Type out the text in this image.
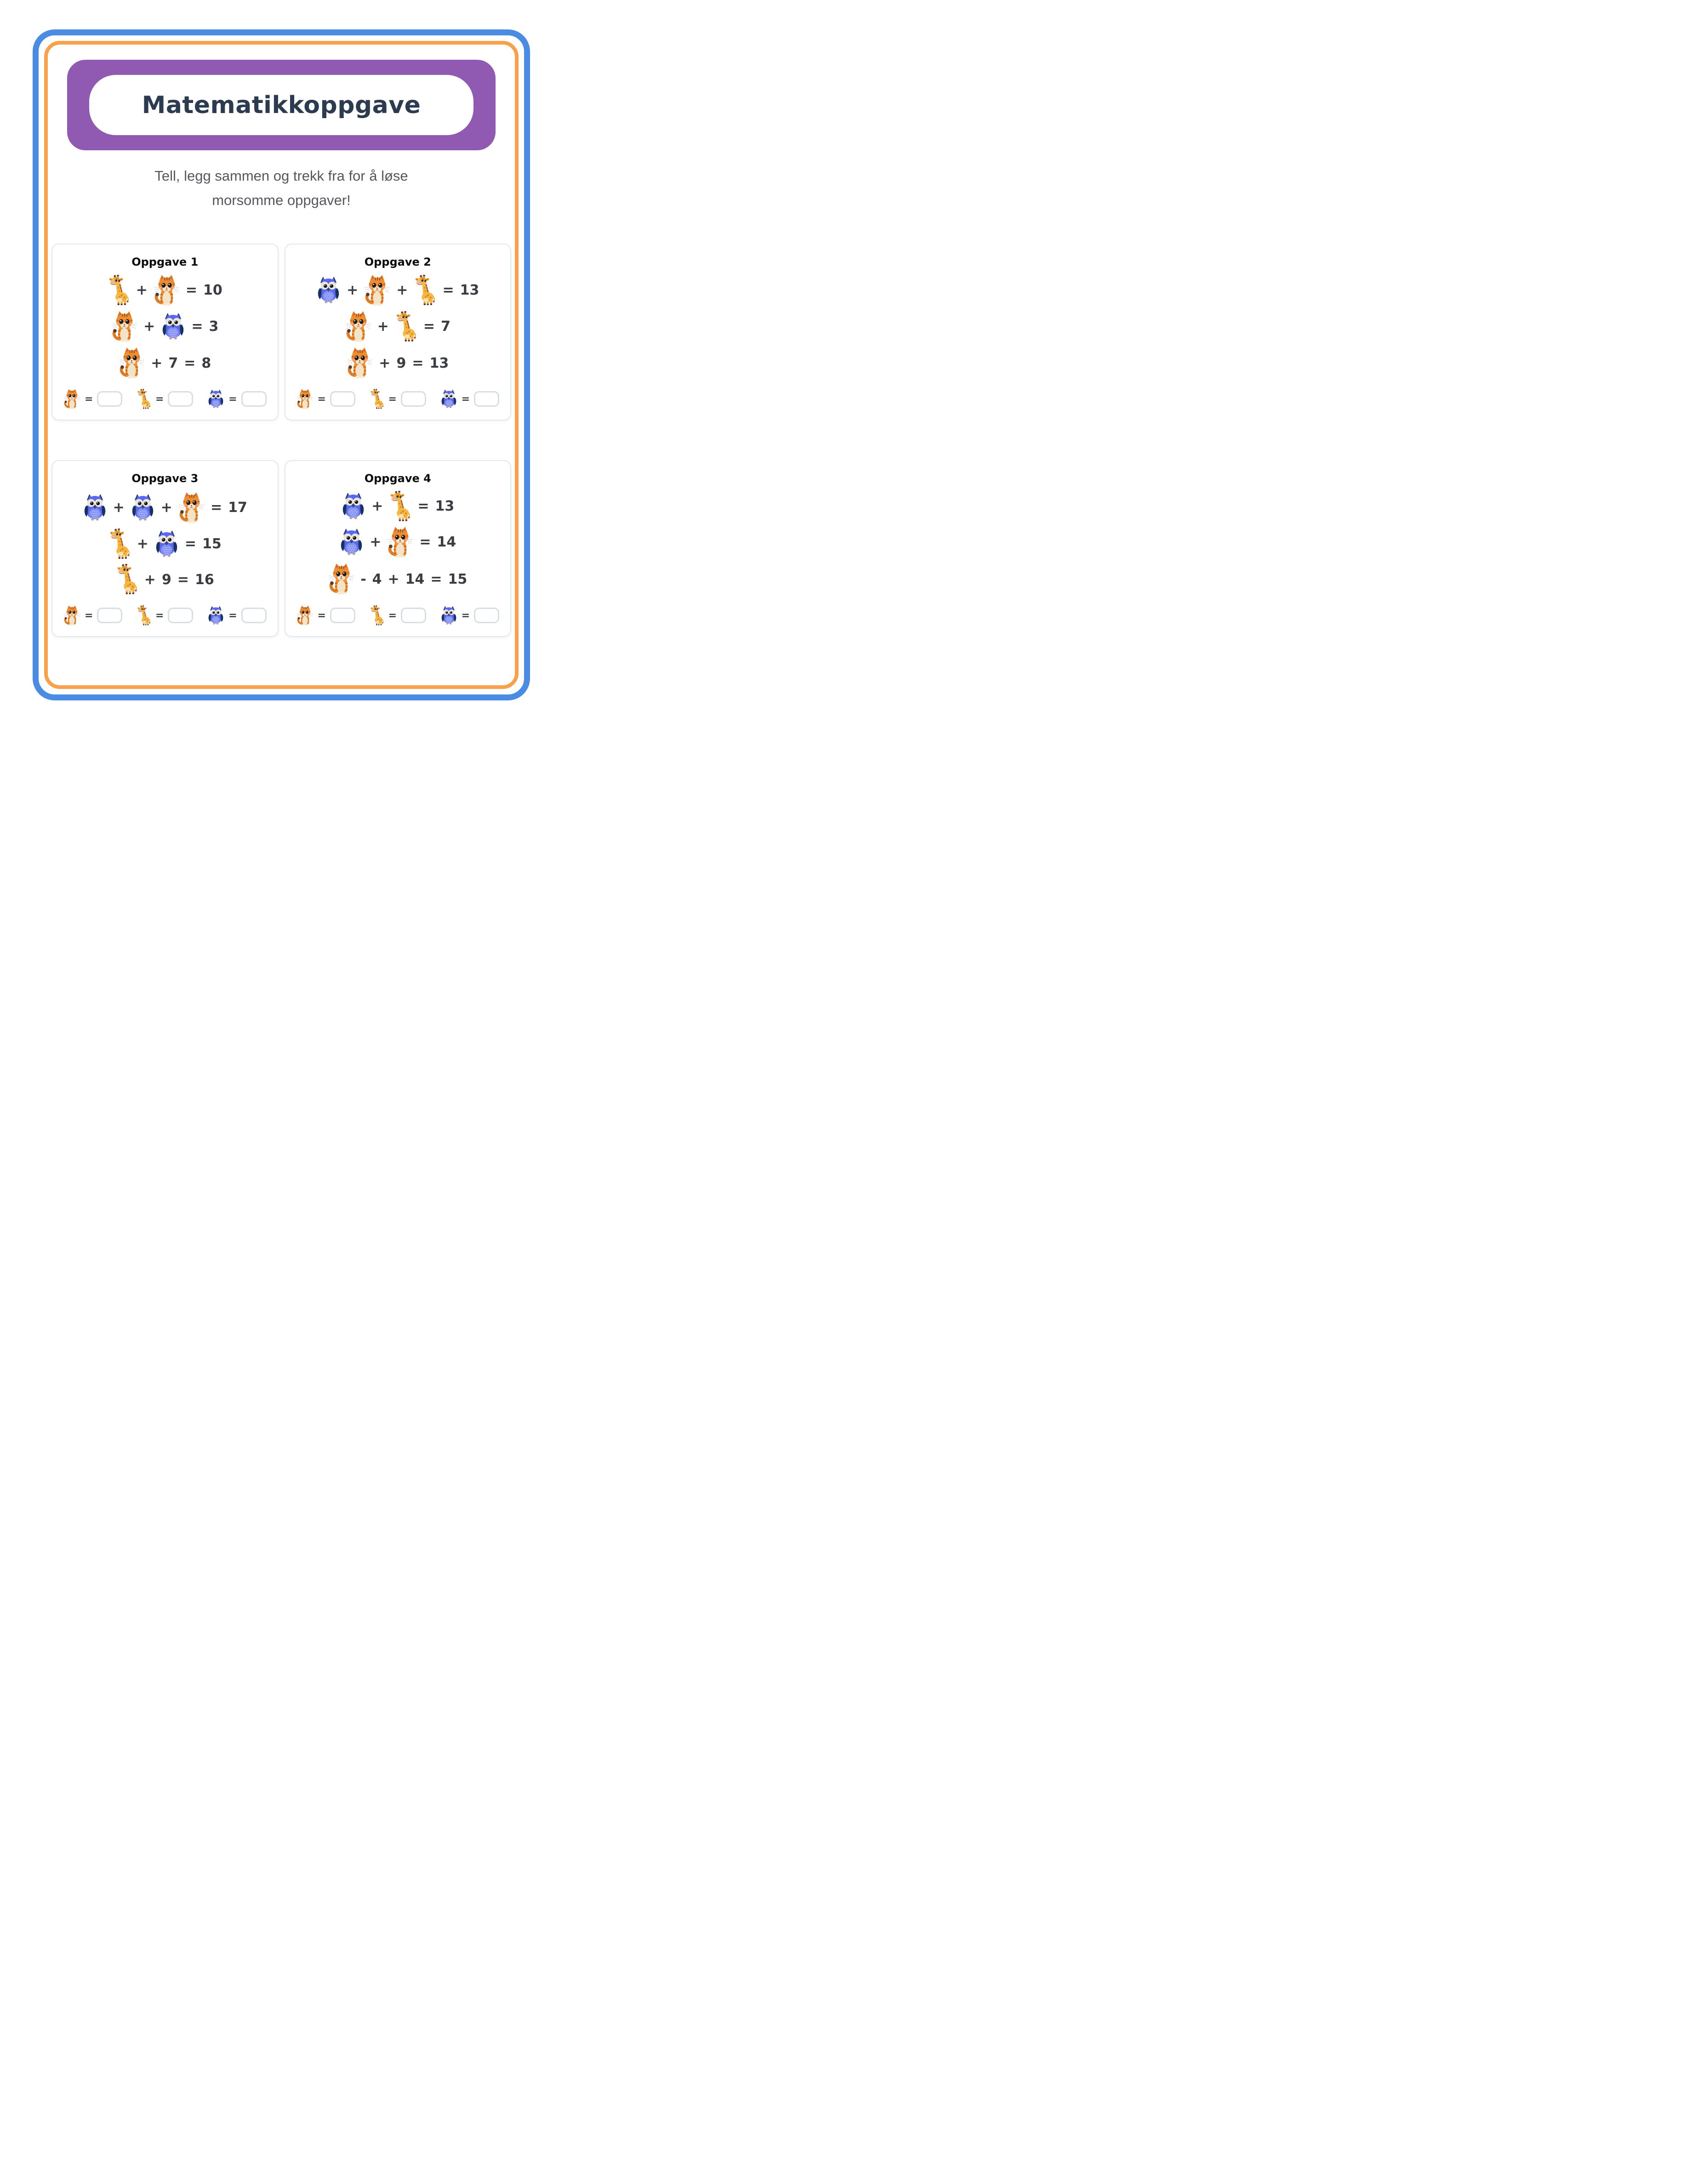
Matematikkoppgave
Tell, legg sammen og trekk fra for å løse
morsomme oppgaver!
Oppgave 1
+	= 10
+	= 3
+ 7 = 8
=	=	=
Oppgave 2
+	+	= 13
+	= 7
+ 9 = 13
=	=	=
Oppgave 3
+	+	= 17
+	= 15
+ 9 = 16
=	=	=
Oppgave 4
+	= 13
+	= 14
- 4 + 14 = 15
=	=	=
